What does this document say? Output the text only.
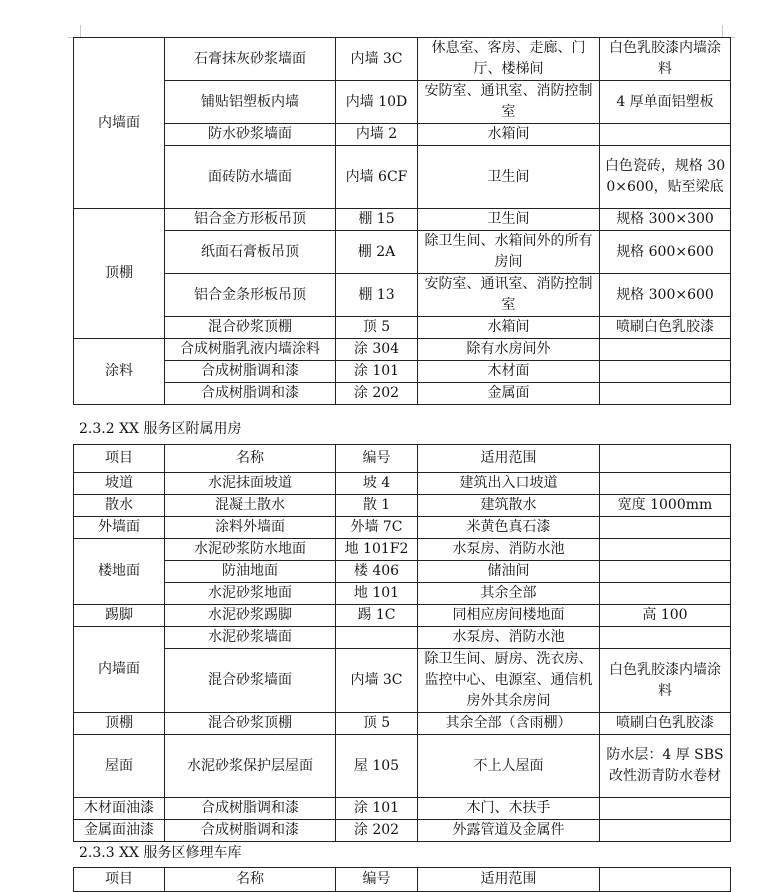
内墙面	石膏抹灰砂浆墙面	内墙 3C	休息室、客房、走廊、门厅、楼梯间	白色乳胶漆内墙涂料
	铺贴铝塑板内墙	内墙 10D	安防室、通讯室、消防控制室	4 厚单面铝塑板
	防水砂浆墙面	内墙 2	水箱间	
	面砖防水墙面	内墙 6CF	卫生间	白色瓷砖，规格 300×600，贴至梁底
顶棚	铝合金方形板吊顶	棚 15	卫生间	规格 300×300
	纸面石膏板吊顶	棚 2A	除卫生间、水箱间外的所有房间	规格 600×600
	铝合金条形板吊顶	棚 13	安防室、通讯室、消防控制室	规格 300×600
	混合砂浆顶棚	顶 5	水箱间	喷刷白色乳胶漆
涂料	合成树脂乳液内墙涂料	涂 304	除有水房间外	
	合成树脂调和漆	涂 101	木材面	
	合成树脂调和漆	涂 202	金属面	
2.3.2 XX 服务区附属用房
项目	名称	编号	适用范围	
坡道	水泥抹面坡道	坡 4	建筑出入口坡道	
散水	混凝土散水	散 1	建筑散水	宽度 1000mm
外墙面	涂料外墙面	外墙 7C	米黄色真石漆	
楼地面	水泥砂浆防水地面	地 101F2	水泵房、消防水池	
	防油地面	楼 406	储油间	
	水泥砂浆地面	地 101	其余全部	
踢脚	水泥砂浆踢脚	踢 1C	同相应房间楼地面	高 100
内墙面	水泥砂浆墙面		水泵房、消防水池	
	混合砂浆墙面	内墙 3C	除卫生间、厨房、洗衣房、监控中心、电源室、通信机房外其余房间	白色乳胶漆内墙涂料
顶棚	混合砂浆顶棚	顶 5	其余全部（含雨棚）	喷刷白色乳胶漆
屋面	水泥砂浆保护层屋面	屋 105	不上人屋面	防水层：4 厚 SBS 改性沥青防水卷材
木材面油漆	合成树脂调和漆	涂 101	木门、木扶手	
金属面油漆	合成树脂调和漆	涂 202	外露管道及金属件	
2.3.3 XX 服务区修理车库
项目	名称	编号	适用范围	
